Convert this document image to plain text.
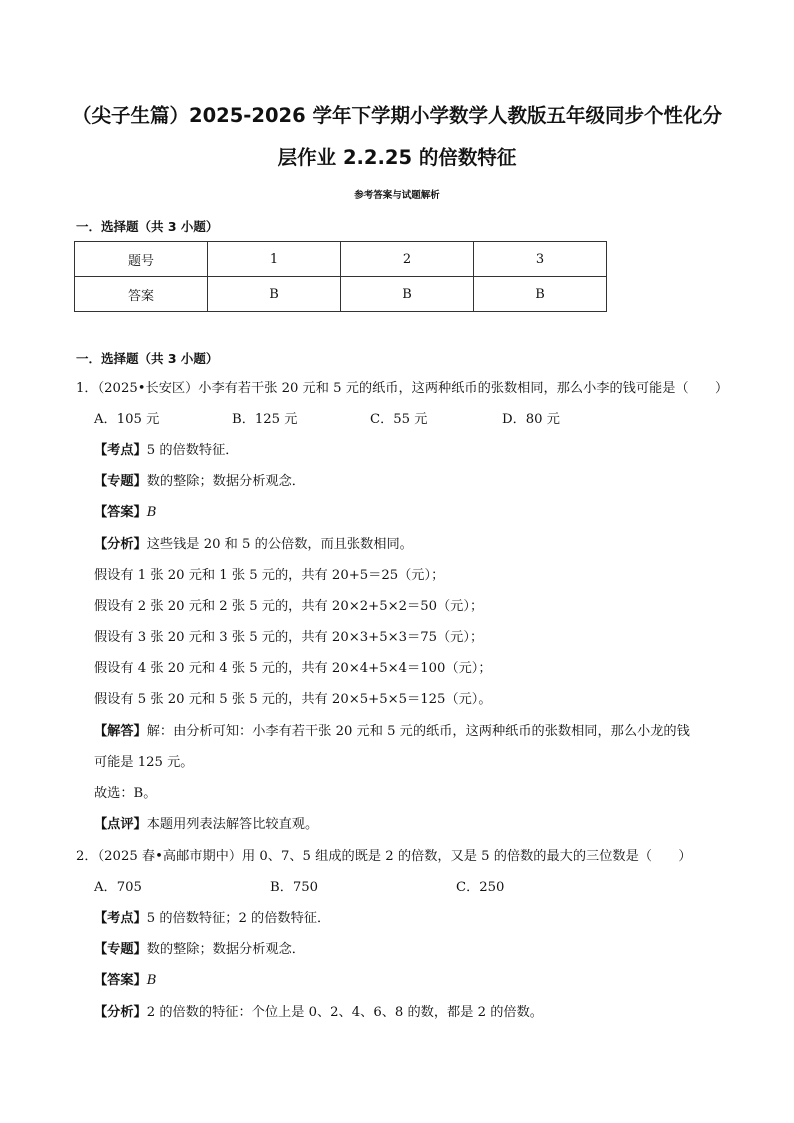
（尖子生篇）2025-2026 学年下学期小学数学人教版五年级同步个性化分
层作业 2.2.25 的倍数特征
参考答案与试题解析
一．选择题（共 3 小题）
题号	1	2	3
答案	B	B	B
一．选择题（共 3 小题）
1．（2025•长安区）小李有若干张 20 元和 5 元的纸币，这两种纸币的张数相同，那么小李的钱可能是（　　）
A．105 元	B．125 元	C．55 元	D．80 元
【考点】5 的倍数特征．
【专题】数的整除；数据分析观念．
【答案】B
【分析】这些钱是 20 和 5 的公倍数，而且张数相同。
假设有 1 张 20 元和 1 张 5 元的，共有 20+5＝25（元）；
假设有 2 张 20 元和 2 张 5 元的，共有 20×2+5×2＝50（元）；
假设有 3 张 20 元和 3 张 5 元的，共有 20×3+5×3＝75（元）；
假设有 4 张 20 元和 4 张 5 元的，共有 20×4+5×4＝100（元）；
假设有 5 张 20 元和 5 张 5 元的，共有 20×5+5×5＝125（元）。
【解答】解：由分析可知：小李有若干张 20 元和 5 元的纸币，这两种纸币的张数相同，那么小龙的钱
可能是 125 元。
故选：B。
【点评】本题用列表法解答比较直观。
2．（2025 春•高邮市期中）用 0、7、5 组成的既是 2 的倍数，又是 5 的倍数的最大的三位数是（　　）
A．705	B．750	C．250
【考点】5 的倍数特征；2 的倍数特征．
【专题】数的整除；数据分析观念．
【答案】B
【分析】2 的倍数的特征：个位上是 0、2、4、6、8 的数，都是 2 的倍数。
